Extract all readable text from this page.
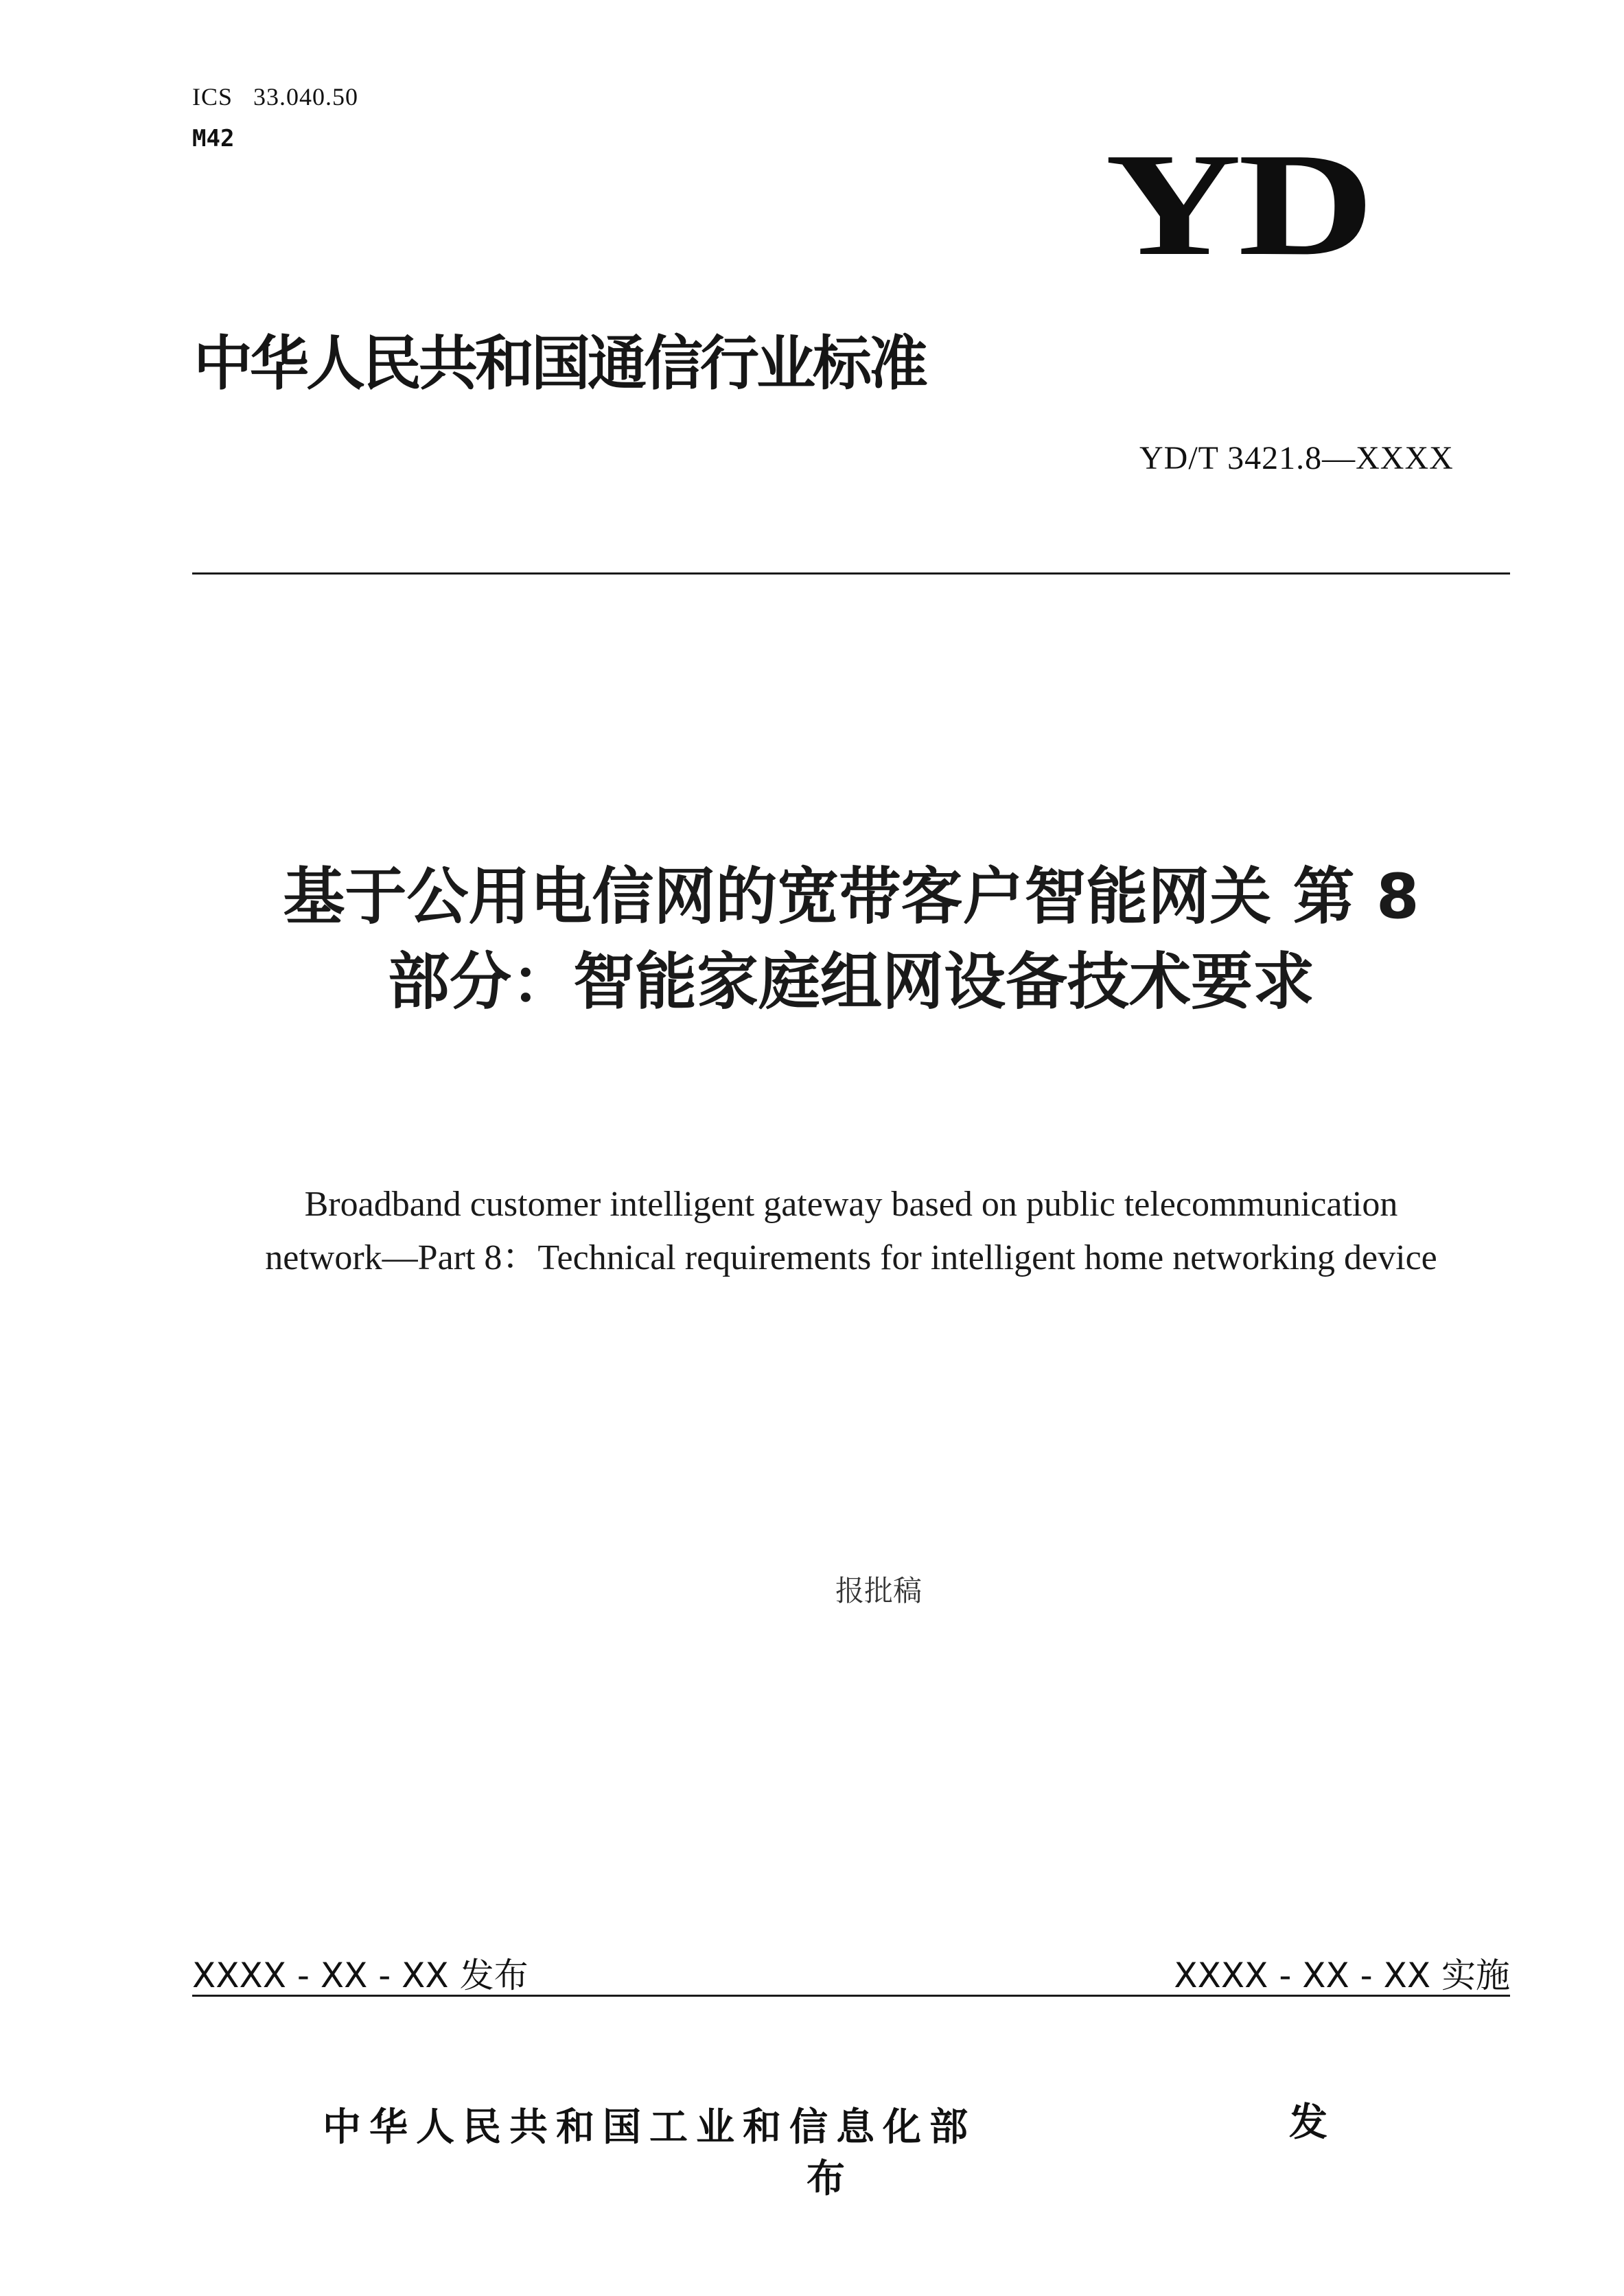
ICS   33.040.50
M42	YD
中华人民共和国通信行业标准
YD/T 3421.8—XXXX
基于公用电信网的宽带客户智能网关 第 8
部分：智能家庭组网设备技术要求
Broadband customer intelligent gateway based on public telecommunication
network—Part 8：Technical requirements for intelligent home networking device
报批稿
XXXX - XX - XX 发布	XXXX - XX - XX 实施
中华人民共和国工业和信息化部	发
布
